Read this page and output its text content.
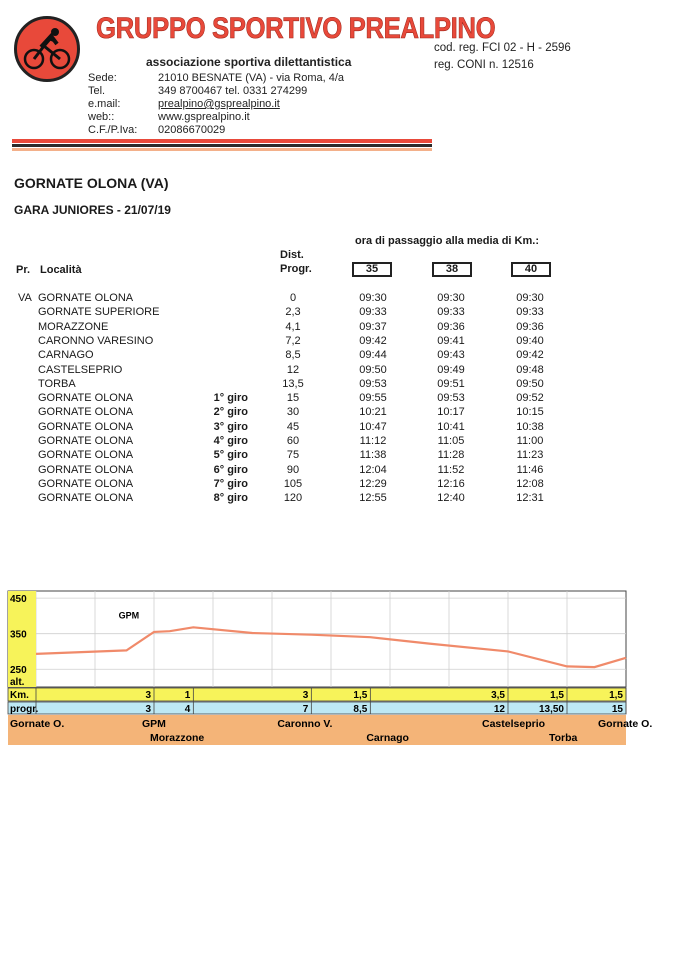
GRUPPO SPORTIVO PREALPINO
associazione sportiva dilettantistica
cod. reg. FCI 02 - H - 2596
reg. CONI n. 12516
Sede:	21010 BESNATE (VA) - via Roma, 4/a
Tel.	349 8700467 tel. 0331 274299
e.mail:	prealpino@gsprealpino.it
web::	www.gsprealpino.it
C.F./P.Iva: 02086670029
GORNATE OLONA (VA)
GARA JUNIORES - 21/07/19
ora di passaggio alla media di Km.:
Dist.
Progr.
Pr. Località	35	38	40
VA GORNATE OLONA	0	09:30	09:30	09:30
GORNATE SUPERIORE	2,3	09:33	09:33	09:33
MORAZZONE	4,1	09:37	09:36	09:36
CARONNO VARESINO	7,2	09:42	09:41	09:40
CARNAGO	8,5	09:44	09:43	09:42
CASTELSEPRIO	12	09:50	09:49	09:48
TORBA	13,5	09:53	09:51	09:50
GORNATE OLONA	1° giro	15	09:55	09:53	09:52
GORNATE OLONA	2° giro	30	10:21	10:17	10:15
GORNATE OLONA	3° giro	45	10:47	10:41	10:38
GORNATE OLONA	4° giro	60	11:12	11:05	11:00
GORNATE OLONA	5° giro	75	11:38	11:28	11:23
GORNATE OLONA	6° giro	90	12:04	11:52	11:46
GORNATE OLONA	7° giro	105	12:29	12:16	12:08
GORNATE OLONA	8° giro	120	12:55	12:40	12:31
250
350
450
alt.
GPM
Km.
progr.
3	1	3	1,5	3,5	1,5	1,5
3	4	7	8,5	12	13,50	15
Gornate O.	GPM	Caronno V.	Castelseprio	Gornate O.
Morazzone	Carnago	Torba
